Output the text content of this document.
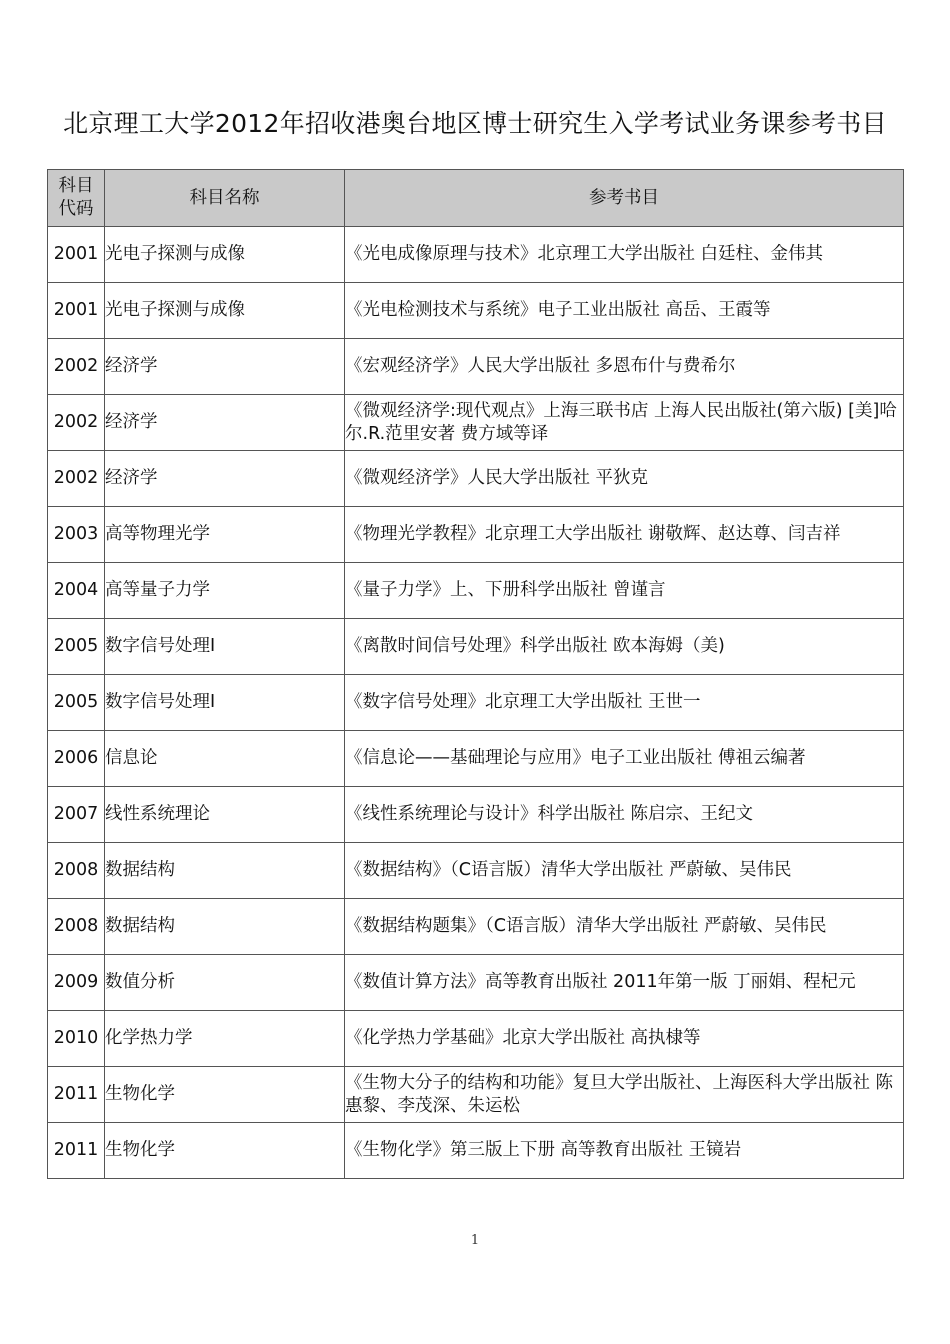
北京理工大学2012年招收港奥台地区博士研究生入学考试业务课参考书目
科目
代码	科目名称	参考书目
2001	光电子探测与成像	《光电成像原理与技术》北京理工大学出版社 白廷柱、金伟其
2001	光电子探测与成像	《光电检测技术与系统》电子工业出版社 高岳、王霞等
2002	经济学	《宏观经济学》人民大学出版社 多恩布什与费希尔
2002	经济学	《微观经济学:现代观点》上海三联书店 上海人民出版社(第六版) [美]哈尔.R.范里安著 费方域等译
2002	经济学	《微观经济学》人民大学出版社 平狄克
2003	高等物理光学	《物理光学教程》北京理工大学出版社 谢敬辉、赵达尊、闫吉祥
2004	高等量子力学	《量子力学》上、下册科学出版社 曾谨言
2005	数字信号处理Ⅰ	《离散时间信号处理》科学出版社 欧本海姆（美)
2005	数字信号处理Ⅰ	《数字信号处理》北京理工大学出版社 王世一
2006	信息论	《信息论——基础理论与应用》电子工业出版社 傅祖云编著
2007	线性系统理论	《线性系统理论与设计》科学出版社 陈启宗、王纪文
2008	数据结构	《数据结构》（C语言版）清华大学出版社 严蔚敏、吴伟民
2008	数据结构	《数据结构题集》（C语言版）清华大学出版社 严蔚敏、吴伟民
2009	数值分析	《数值计算方法》高等教育出版社 2011年第一版 丁丽娟、程杞元
2010	化学热力学	《化学热力学基础》北京大学出版社 高执棣等
2011	生物化学	《生物大分子的结构和功能》复旦大学出版社、上海医科大学出版社 陈惠黎、李茂深、朱运松
2011	生物化学	《生物化学》第三版上下册 高等教育出版社 王镜岩
1
